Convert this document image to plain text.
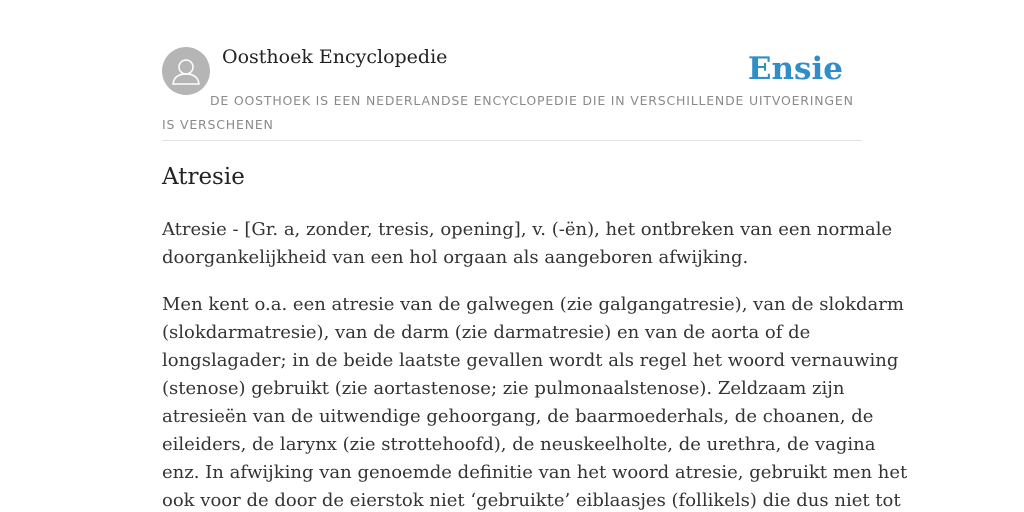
Oosthoek Encyclopedie	Ensie

DE OOSTHOEK IS EEN NEDERLANDSE ENCYCLOPEDIE DIE IN VERSCHILLENDE UITVOERINGEN IS VERSCHENEN

Atresie

Atresie - [Gr. a, zonder, tresis, opening], v. (-ën), het ontbreken van een normale
doorgankelijkheid van een hol orgaan als aangeboren afwijking.

Men kent o.a. een atresie van de galwegen (zie galgangatresie), van de slokdarm
(slokdarmatresie), van de darm (zie darmatresie) en van de aorta of de
longslagader; in de beide laatste gevallen wordt als regel het woord vernauwing
(stenose) gebruikt (zie aortastenose; zie pulmonaalstenose). Zeldzaam zijn
atresieën van de uitwendige gehoorgang, de baarmoederhals, de choanen, de
eileiders, de larynx (zie strottehoofd), de neuskeelholte, de urethra, de vagina
enz. In afwijking van genoemde definitie van het woord atresie, gebruikt men het
ook voor de door de eierstok niet ‘gebruikte’ eiblaasjes (follikels) die dus niet tot
